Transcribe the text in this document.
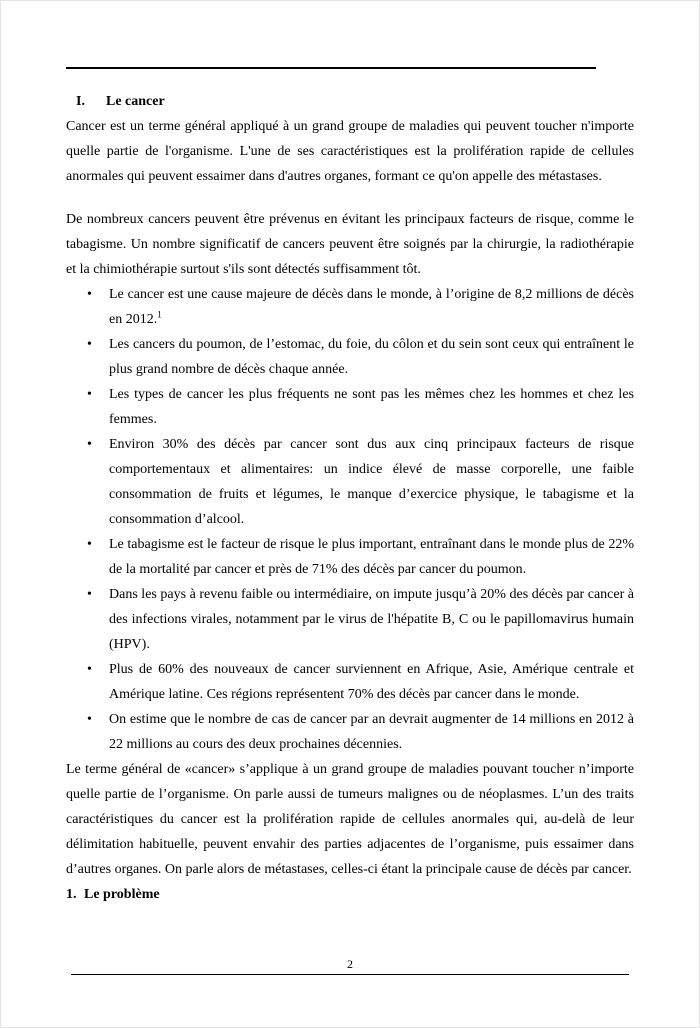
I. Le cancer

Cancer est un terme général appliqué à un grand groupe de maladies qui peuvent toucher n'importe quelle partie de l'organisme. L'une de ses caractéristiques est la prolifération rapide de cellules anormales qui peuvent essaimer dans d'autres organes, formant ce qu'on appelle des métastases.

De nombreux cancers peuvent être prévenus en évitant les principaux facteurs de risque, comme le tabagisme. Un nombre significatif de cancers peuvent être soignés par la chirurgie, la radiothérapie et la chimiothérapie surtout s'ils sont détectés suffisamment tôt.

• Le cancer est une cause majeure de décès dans le monde, à l’origine de 8,2 millions de décès en 2012.$^1$
• Les cancers du poumon, de l’estomac, du foie, du côlon et du sein sont ceux qui entraînent le plus grand nombre de décès chaque année.
• Les types de cancer les plus fréquents ne sont pas les mêmes chez les hommes et chez les femmes.
• Environ 30% des décès par cancer sont dus aux cinq principaux facteurs de risque comportementaux et alimentaires: un indice élevé de masse corporelle, une faible consommation de fruits et légumes, le manque d’exercice physique, le tabagisme et la consommation d’alcool.
• Le tabagisme est le facteur de risque le plus important, entraînant dans le monde plus de 22% de la mortalité par cancer et près de 71% des décès par cancer du poumon.
• Dans les pays à revenu faible ou intermédiaire, on impute jusqu’à 20% des décès par cancer à des infections virales, notamment par le virus de l'hépatite B, C ou le papillomavirus humain (HPV).
• Plus de 60% des nouveaux de cancer surviennent en Afrique, Asie, Amérique centrale et Amérique latine. Ces régions représentent 70% des décès par cancer dans le monde.
• On estime que le nombre de cas de cancer par an devrait augmenter de 14 millions en 2012 à 22 millions au cours des deux prochaines décennies.

Le terme général de «cancer» s’applique à un grand groupe de maladies pouvant toucher n’importe quelle partie de l’organisme. On parle aussi de tumeurs malignes ou de néoplasmes. L’un des traits caractéristiques du cancer est la prolifération rapide de cellules anormales qui, au-delà de leur délimitation habituelle, peuvent envahir des parties adjacentes de l’organisme, puis essaimer dans d’autres organes. On parle alors de métastases, celles-ci étant la principale cause de décès par cancer.

1. Le problème
2
